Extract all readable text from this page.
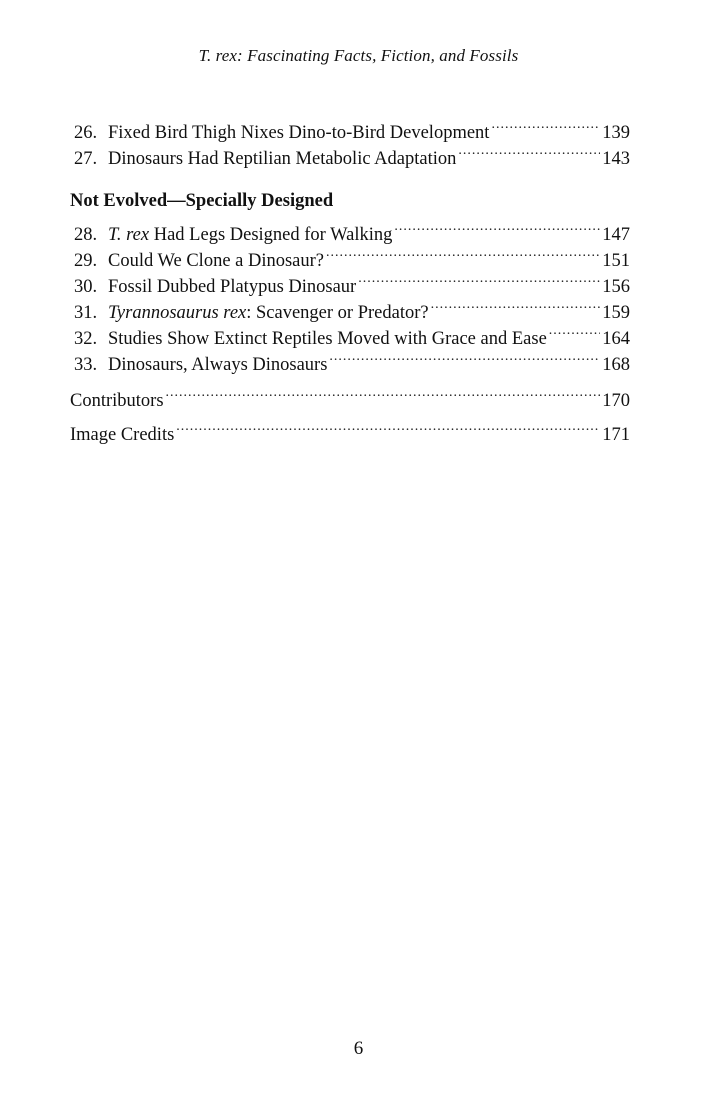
T. rex: Fascinating Facts, Fiction, and Fossils
26. Fixed Bird Thigh Nixes Dino-to-Bird Development .....	139
27. Dinosaurs Had Reptilian Metabolic Adaptation .....	143
Not Evolved—Specially Designed
28. T. rex Had Legs Designed for Walking .....	147
29. Could We Clone a Dinosaur? .....	151
30. Fossil Dubbed Platypus Dinosaur .....	156
31. Tyrannosaurus rex: Scavenger or Predator? .....	159
32. Studies Show Extinct Reptiles Moved with Grace and Ease .....	164
33. Dinosaurs, Always Dinosaurs .....	168
Contributors .....	170
Image Credits .....	171
6
